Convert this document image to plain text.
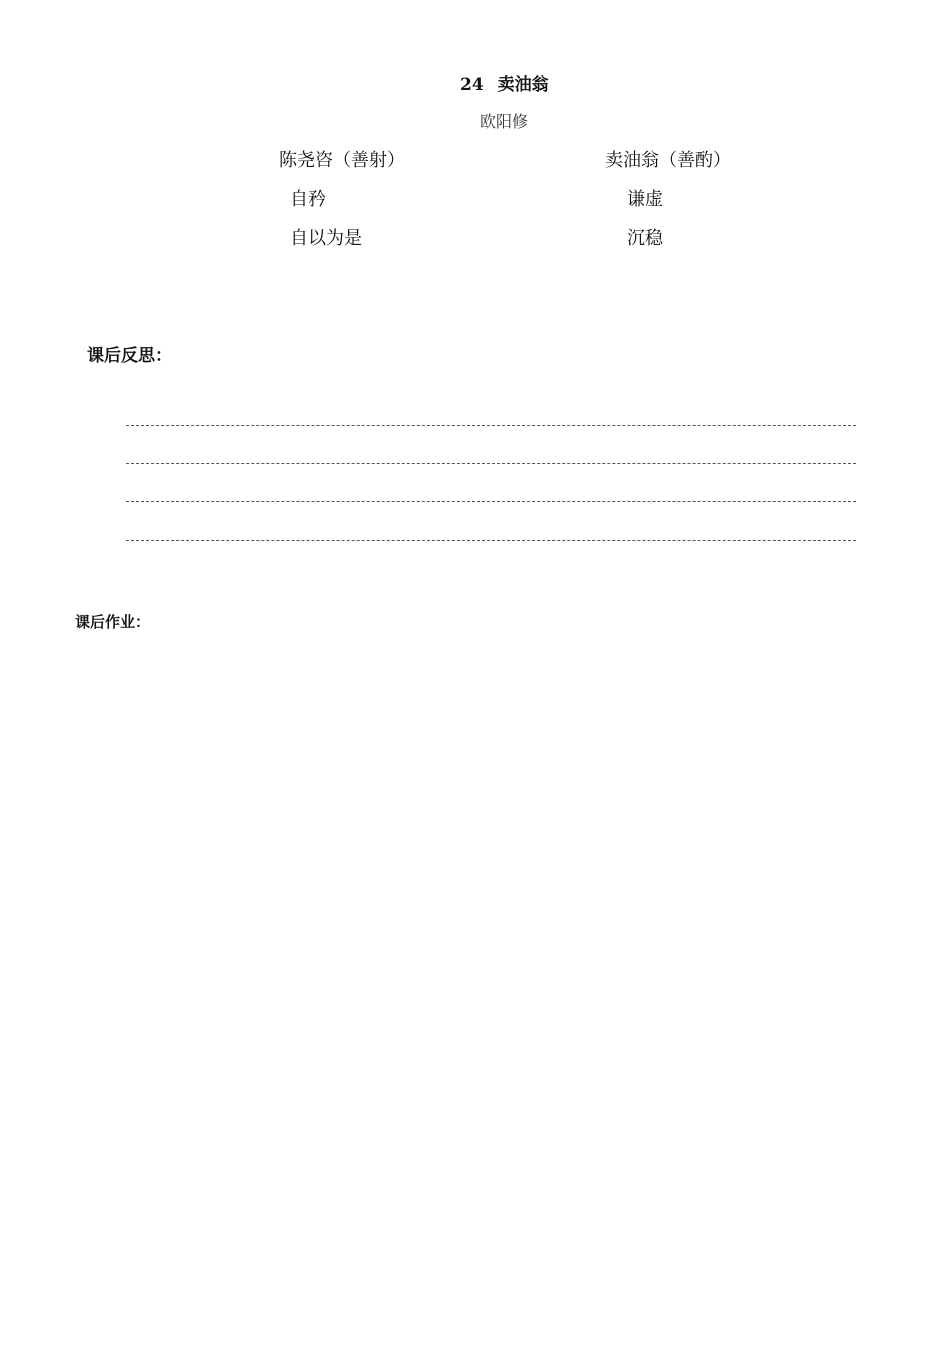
24 卖油翁
欧阳修
陈尧咨（善射）	卖油翁（善酌）
自矜	谦虚
自以为是	沉稳
课后反思：
课后作业：
